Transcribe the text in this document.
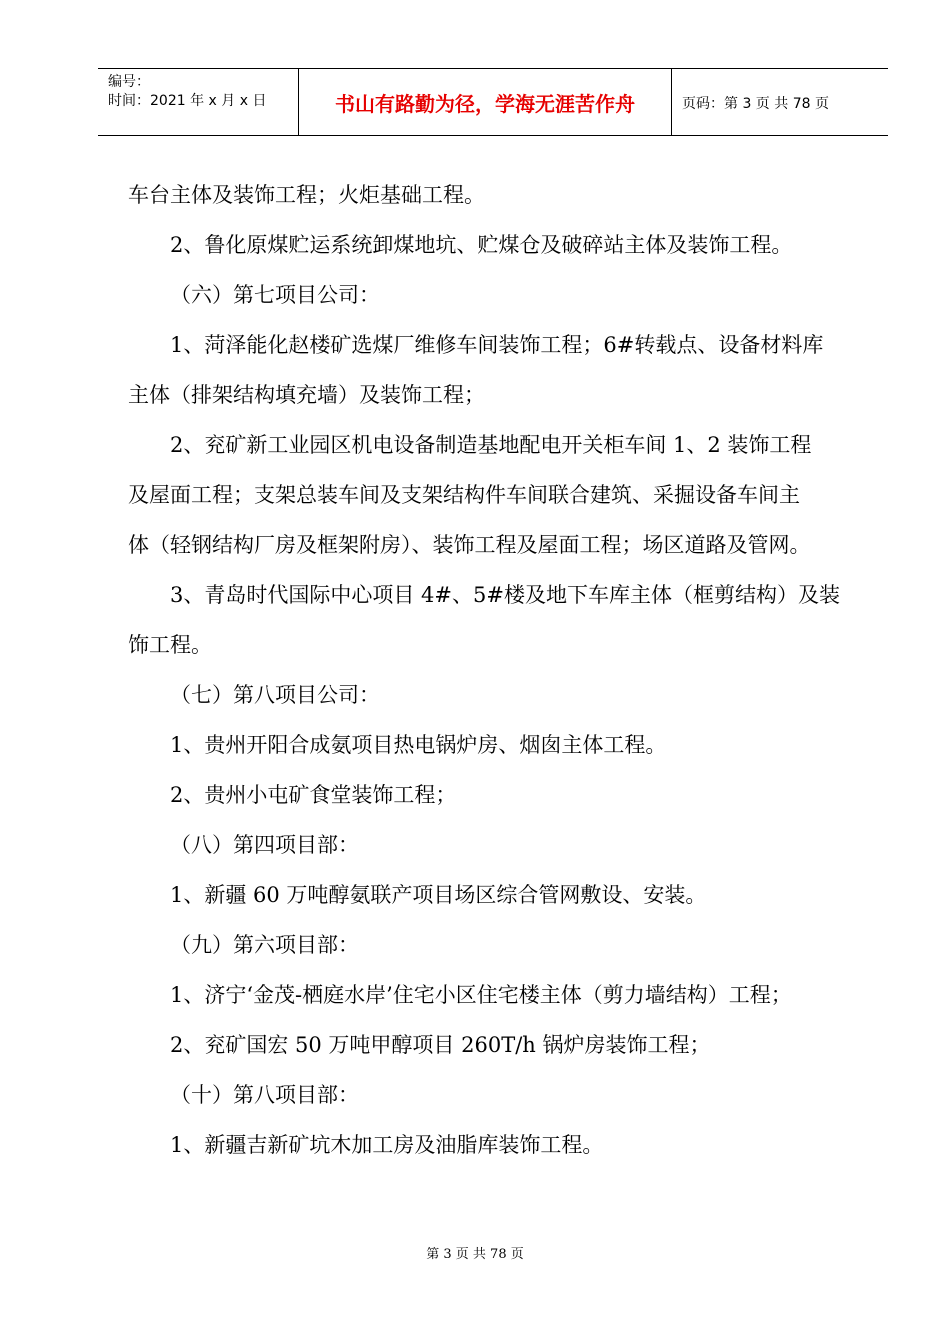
编号：
时间：2021 年 x 月 x 日	书山有路勤为径，学海无涯苦作舟	页码：第 3 页 共 78 页

车台主体及装饰工程；火炬基础工程。

2、鲁化原煤贮运系统卸煤地坑、贮煤仓及破碎站主体及装饰工程。

（六）第七项目公司：

1、菏泽能化赵楼矿选煤厂维修车间装饰工程；6#转载点、设备材料库

主体（排架结构填充墙）及装饰工程；

2、兖矿新工业园区机电设备制造基地配电开关柜车间 1、2 装饰工程

及屋面工程；支架总装车间及支架结构件车间联合建筑、采掘设备车间主

体（轻钢结构厂房及框架附房）、装饰工程及屋面工程；场区道路及管网。

3、青岛时代国际中心项目 4#、5#楼及地下车库主体（框剪结构）及装

饰工程。

（七）第八项目公司：

1、贵州开阳合成氨项目热电锅炉房、烟囱主体工程。

2、贵州小屯矿食堂装饰工程；

（八）第四项目部：

1、新疆 60 万吨醇氨联产项目场区综合管网敷设、安装。

（九）第六项目部：

1、济宁‘金茂-栖庭水岸’住宅小区住宅楼主体（剪力墙结构）工程；

2、兖矿国宏 50 万吨甲醇项目 260T/h 锅炉房装饰工程；

（十）第八项目部：

1、新疆吉新矿坑木加工房及油脂库装饰工程。

第 3 页 共 78 页
